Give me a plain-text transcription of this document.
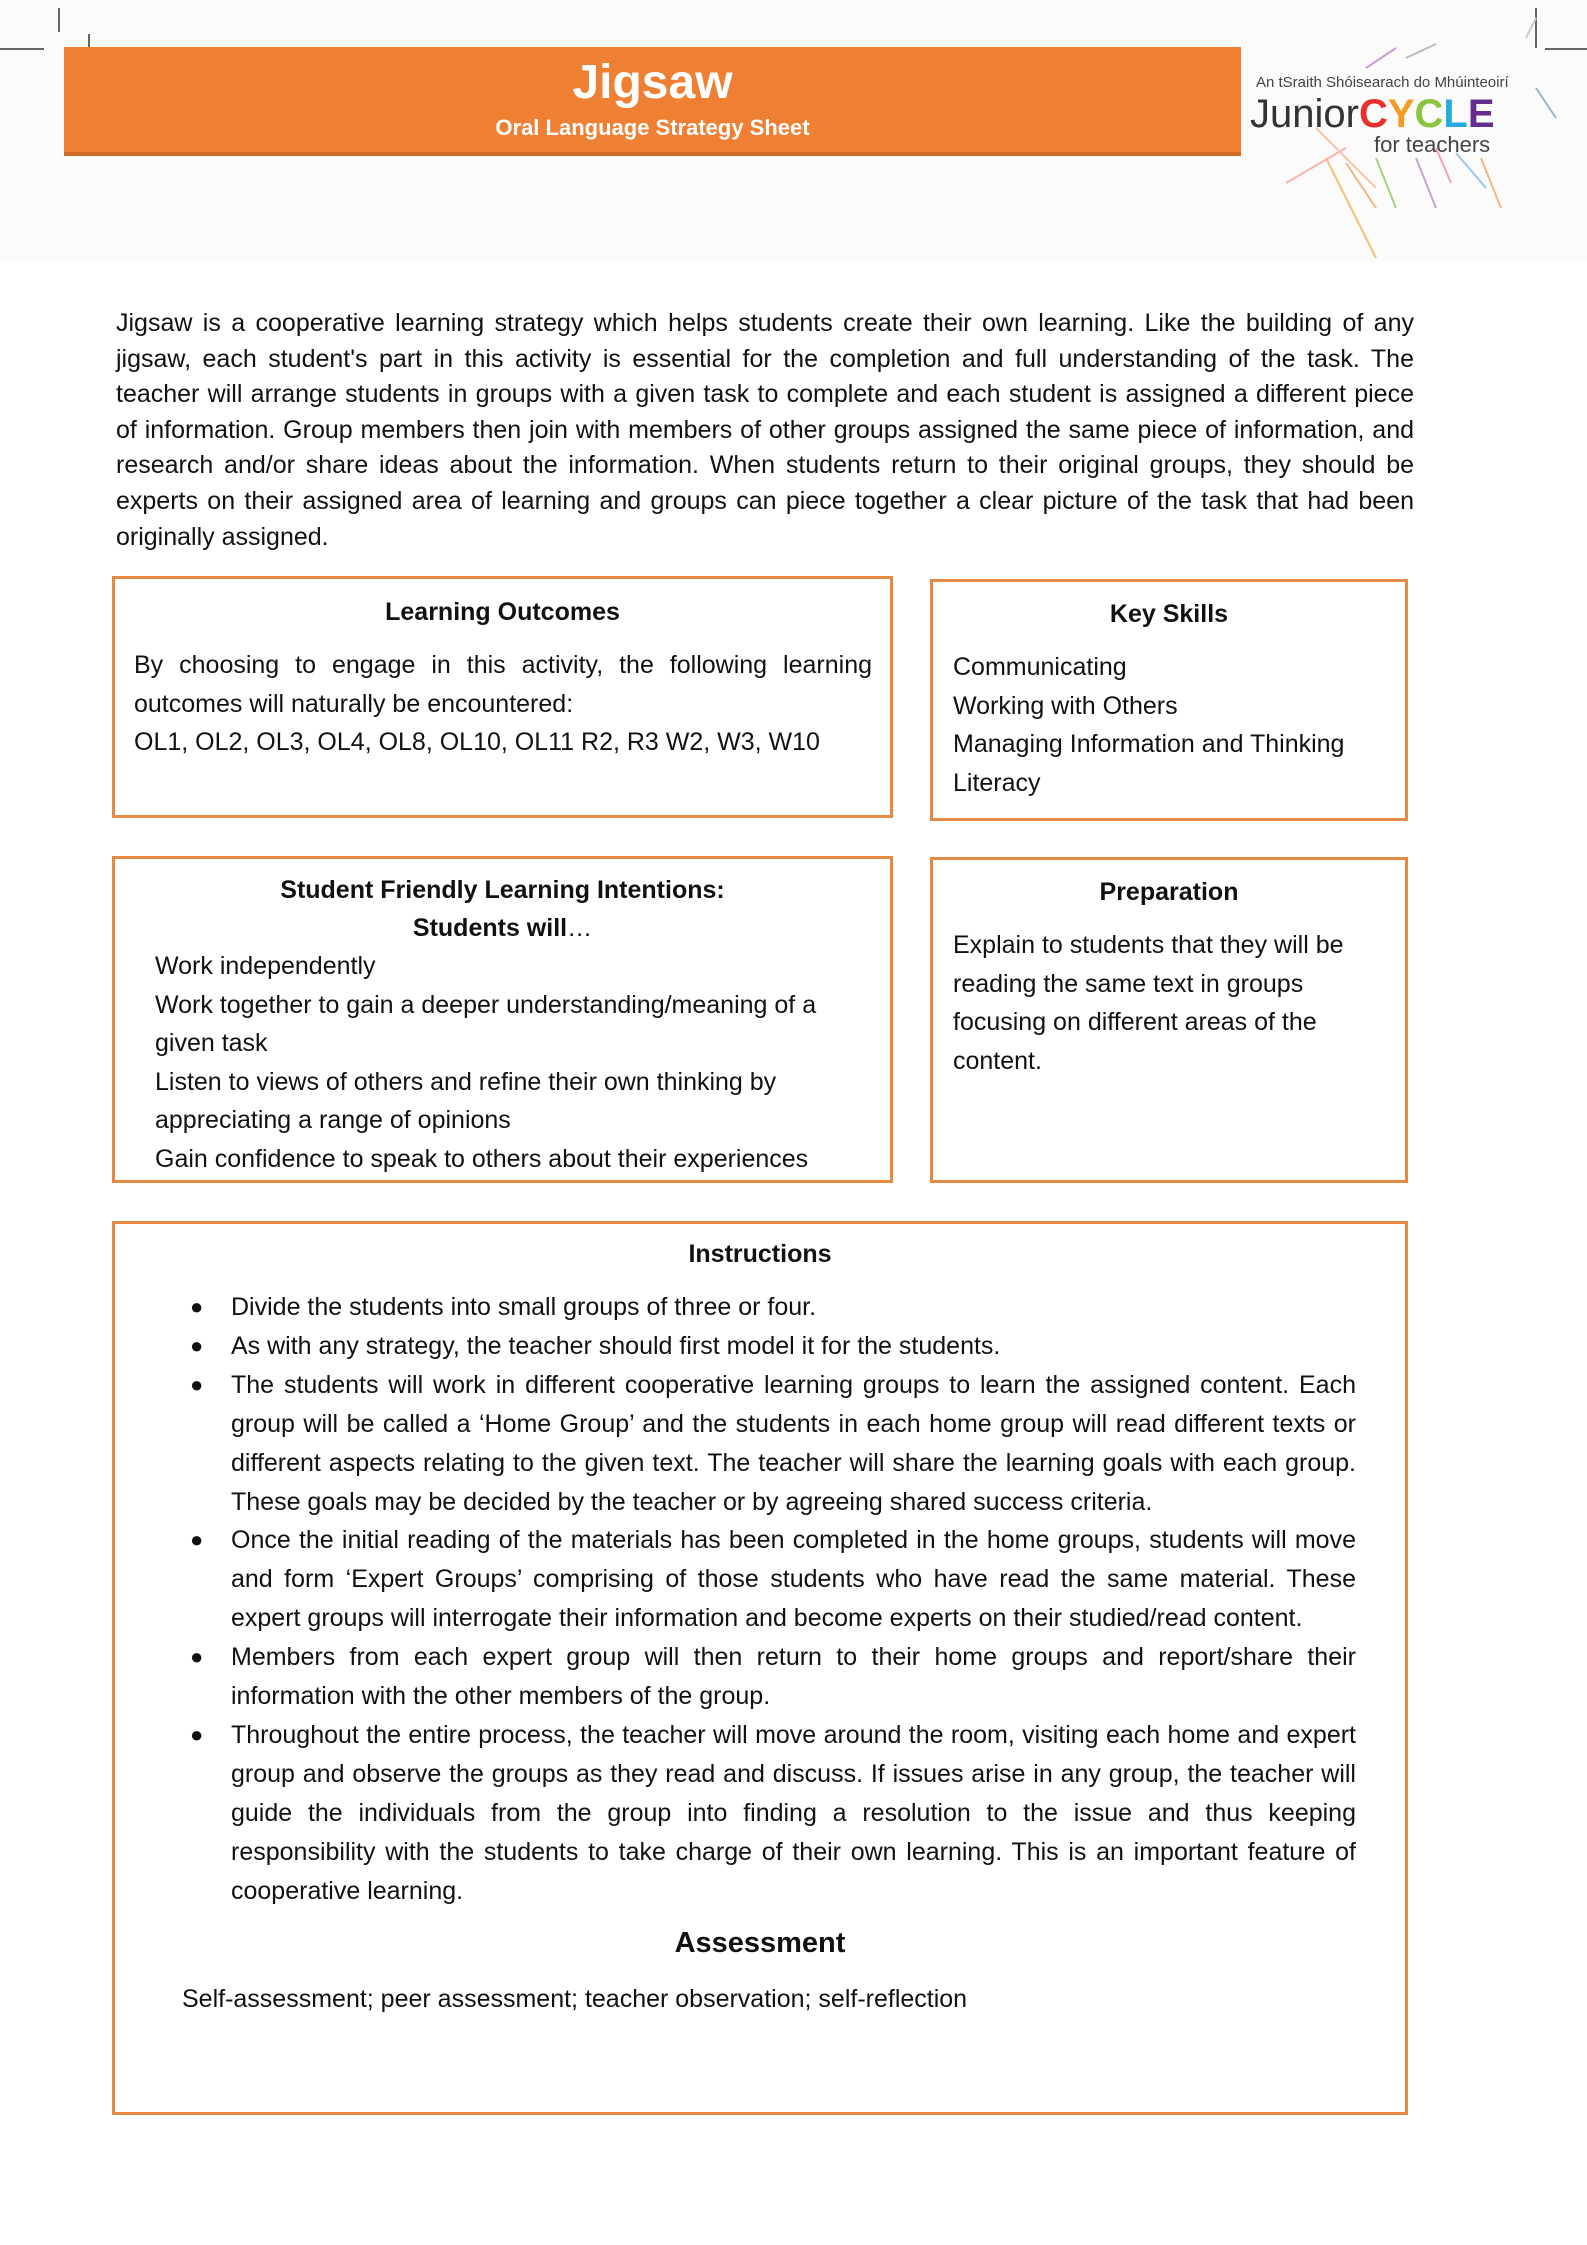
Jigsaw
Oral Language Strategy Sheet
An tSraith Shóisearach do Mhúinteoirí
JuniorCYCLE
for teachers

Jigsaw is a cooperative learning strategy which helps students create their own learning. Like the building of any jigsaw, each student's part in this activity is essential for the completion and full understanding of the task. The teacher will arrange students in groups with a given task to complete and each student is assigned a different piece of information. Group members then join with members of other groups assigned the same piece of information, and research and/or share ideas about the information. When students return to their original groups, they should be experts on their assigned area of learning and groups can piece together a clear picture of the task that had been originally assigned.

Learning Outcomes
By choosing to engage in this activity, the following learning
outcomes will naturally be encountered:
OL1, OL2, OL3, OL4, OL8, OL10, OL11 R2, R3 W2, W3, W10
Key Skills
Communicating
Working with Others
Managing Information and Thinking
Literacy
Student Friendly Learning Intentions:
Students will…
Work independently
Work together to gain a deeper understanding/meaning of a
given task
Listen to views of others and refine their own thinking by
appreciating a range of opinions
Gain confidence to speak to others about their experiences
Preparation
Explain to students that they will be
reading the same text in groups
focusing on different areas of the
content.
Instructions
● Divide the students into small groups of three or four.
● As with any strategy, the teacher should first model it for the students.
● The students will work in different cooperative learning groups to learn the assigned content. Each group will be called a ‘Home Group’ and the students in each home group will read different texts or different aspects relating to the given text. The teacher will share the learning goals with each group. These goals may be decided by the teacher or by agreeing shared success criteria.
● Once the initial reading of the materials has been completed in the home groups, students will move and form ‘Expert Groups’ comprising of those students who have read the same material. These expert groups will interrogate their information and become experts on their studied/read content.
● Members from each expert group will then return to their home groups and report/share their information with the other members of the group.
● Throughout the entire process, the teacher will move around the room, visiting each home and expert group and observe the groups as they read and discuss. If issues arise in any group, the teacher will guide the individuals from the group into finding a resolution to the issue and thus keeping responsibility with the students to take charge of their own learning. This is an important feature of cooperative learning.
Assessment

Self-assessment; peer assessment; teacher observation; self-reflection
